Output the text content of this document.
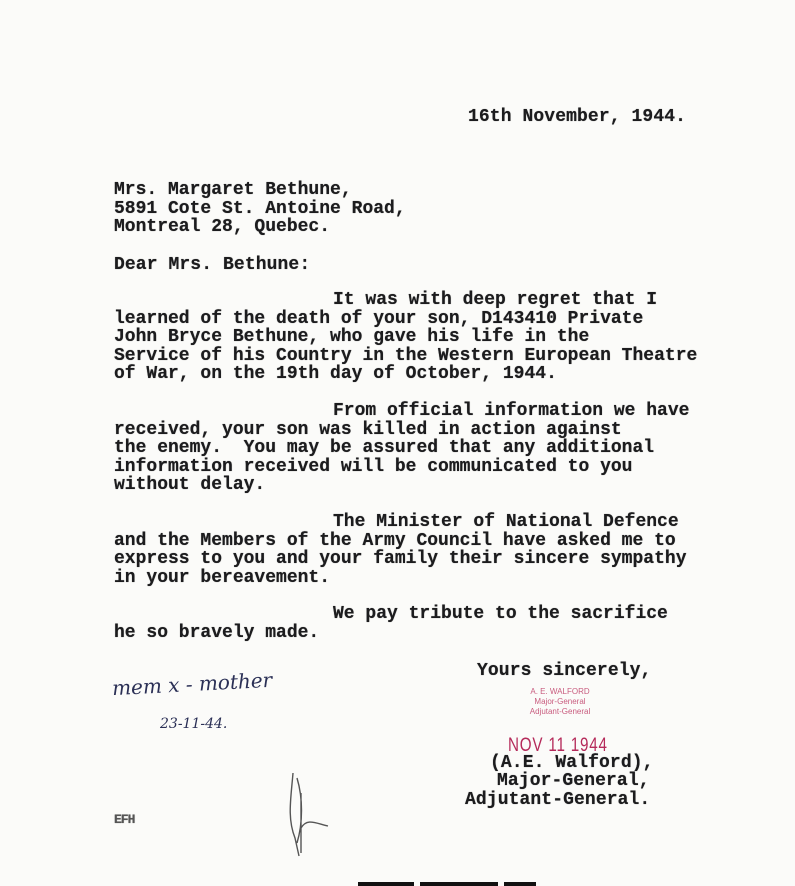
16th November, 1944.
Mrs. Margaret Bethune,
5891 Cote St. Antoine Road,
Montreal 28, Quebec.
Dear Mrs. Bethune:
It was with deep regret that I
learned of the death of your son, D143410 Private
John Bryce Bethune, who gave his life in the
Service of his Country in the Western European Theatre
of War, on the 19th day of October, 1944.
From official information we have
received, your son was killed in action against
the enemy.  You may be assured that any additional
information received will be communicated to you
without delay.
The Minister of National Defence
and the Members of the Army Council have asked me to
express to you and your family their sincere sympathy
in your bereavement.
We pay tribute to the sacrifice
he so bravely made.
Yours sincerely,
A. E. WALFORD
Major-General
Adjutant-General
NOV 11 1944
(A.E. Walford),
Major-General,
Adjutant-General.
mem x - mother
23-11-44.
EFH
